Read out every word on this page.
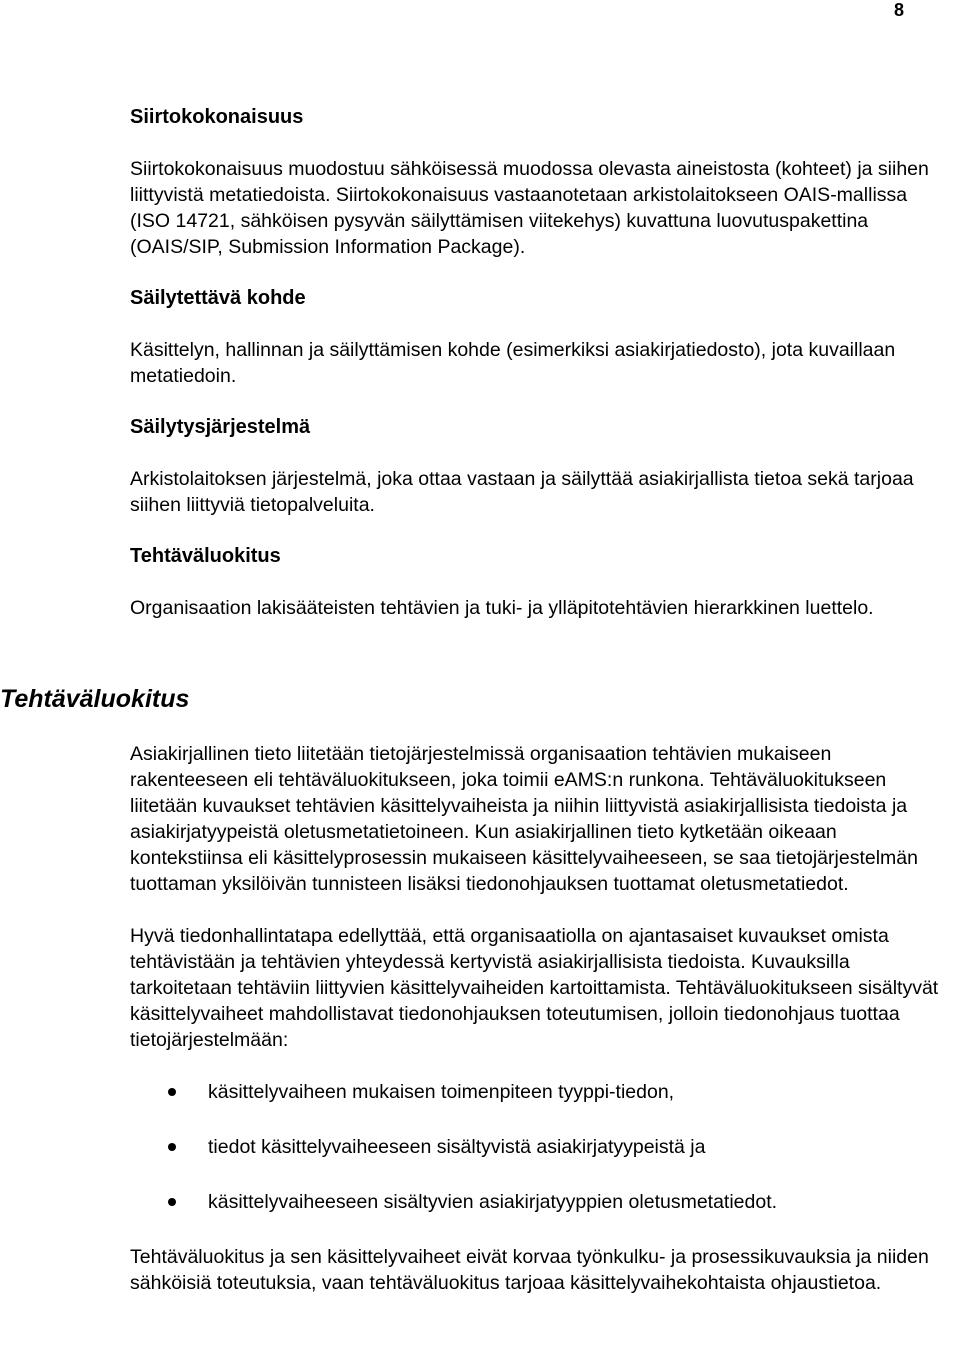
8
Siirtokokonaisuus

Siirtokokonaisuus muodostuu sähköisessä muodossa olevasta aineistosta (kohteet) ja siihen liittyvistä metatiedoista. Siirtokokonaisuus vastaanotetaan arkistolaitokseen OAIS-mallissa (ISO 14721, sähköisen pysyvän säilyttämisen viitekehys) kuvattuna luovutuspakettina (OAIS/SIP, Submission Information Package).

Säilytettävä kohde

Käsittelyn, hallinnan ja säilyttämisen kohde (esimerkiksi asiakirjatiedosto), jota kuvaillaan metatiedoin.

Säilytysjärjestelmä

Arkistolaitoksen järjestelmä, joka ottaa vastaan ja säilyttää asiakirjallista tietoa sekä tarjoaa siihen liittyviä tietopalveluita.

Tehtäväluokitus

Organisaation lakisääteisten tehtävien ja tuki- ja ylläpitotehtävien hierarkkinen luettelo.

Tehtäväluokitus

Asiakirjallinen tieto liitetään tietojärjestelmissä organisaation tehtävien mukaiseen rakenteeseen eli tehtäväluokitukseen, joka toimii eAMS:n runkona. Tehtäväluokitukseen liitetään kuvaukset tehtävien käsittelyvaiheista ja niihin liittyvistä asiakirjallisista tiedoista ja asiakirjatyypeistä oletusmetatietoineen. Kun asiakirjallinen tieto kytketään oikeaan kontekstiinsa eli käsittelyprosessin mukaiseen käsittelyvaiheeseen, se saa tietojärjestelmän tuottaman yksilöivän tunnisteen lisäksi tiedonohjauksen tuottamat oletusmetatiedot.

Hyvä tiedonhallintatapa edellyttää, että organisaatiolla on ajantasaiset kuvaukset omista tehtävistään ja tehtävien yhteydessä kertyvistä asiakirjallisista tiedoista. Kuvauksilla tarkoitetaan tehtäviin liittyvien käsittelyvaiheiden kartoittamista. Tehtäväluokitukseen sisältyvät käsittelyvaiheet mahdollistavat tiedonohjauksen toteutumisen, jolloin tiedonohjaus tuottaa tietojärjestelmään:

käsittelyvaiheen mukaisen toimenpiteen tyyppi-tiedon,
tiedot käsittelyvaiheeseen sisältyvistä asiakirjatyypeistä ja
käsittelyvaiheeseen sisältyvien asiakirjatyyppien oletusmetatiedot.

Tehtäväluokitus ja sen käsittelyvaiheet eivät korvaa työnkulku- ja prosessikuvauksia ja niiden sähköisiä toteutuksia, vaan tehtäväluokitus tarjoaa käsittelyvaihekohtaista ohjaustietoa.
